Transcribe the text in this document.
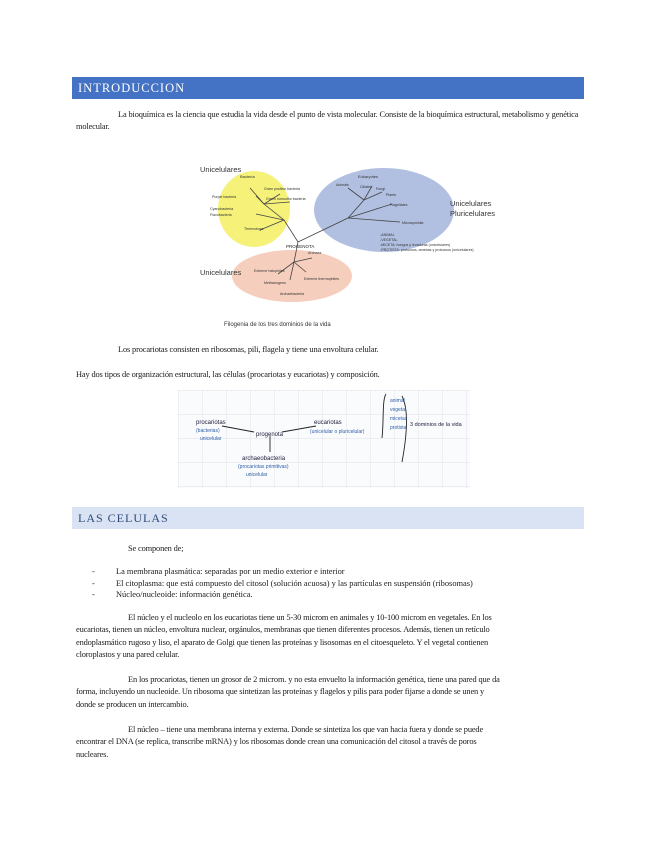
INTRODUCCION
La bioquímica es la ciencia que estudia la vida desde el punto de vista molecular. Consiste de la bioquímica estructural, metabolismo y genética molecular.
Unicelulares
Unicelulares
Pluricelulares
Unicelulares
PROGENOTA
Bacteria
Purple bacteria
Gram positive bacteria
Green nonsulfur bacteria
Cyanobacteria
Flavobacteria
Thermotoga
Eukaryotes
Animals	Ciliates Fungi
Plants
Flagellates
Microsporidia
-ANIMAL
-VEGETAL
-MICETA: hongos y levaduras (unicelulares)
-PROTISTA: protozoos, amebas y protozoos (unicelulares)
Archaea
Extreme halophiles
Methanogens
Extreme thermophiles
Archaebacteria
Filogenia de los tres dominios de la vida
Los procariotas consisten en ribosomas, pili, flagela y tiene una envoltura celular.
Hay dos tipos de organización estructural, las células (procariotas y eucariotas) y composición.
procariotas
(bacterias)
unicelular
progenota
eucariotas
(unicelular o pluricelular)
animal
vegetal
micetas
protista 3 dominios de la vida
archaeobacteria
(procariotas primitivas)
unicelular
LAS CELULAS
Se componen de;
- La membrana plasmática: separadas por un medio exterior e interior
- El citoplasma: que está compuesto del citosol (solución acuosa) y las partículas en suspensión (ribosomas)
- Núcleo/nucleoide: información genética.
El núcleo y el nucleolo en los eucariotas tiene un 5-30 microm en animales y 10-100 microm en vegetales. En los
eucariotas, tienen un núcleo, envoltura nuclear, orgánulos, membranas que tienen diferentes procesos. Además, tienen un retículo
endoplasmático rugoso y liso, el aparato de Golgi que tienen las proteínas y lisosomas en el citoesqueleto. Y el vegetal contienen
cloroplastos y una pared celular.
En los procariotas, tienen un grosor de 2 microm. y no esta envuelto la información genética, tiene una pared que da
forma, incluyendo un nucleoide. Un ribosoma que sintetizan las proteínas y flagelos y pilis para poder fijarse a donde se unen y
donde se producen un intercambio.
El núcleo – tiene una membrana interna y externa. Donde se sintetiza los que van hacia fuera y donde se puede
encontrar el DNA (se replica, transcribe mRNA) y los ribosomas donde crean una comunicación del citosol a través de poros
nucleares.
